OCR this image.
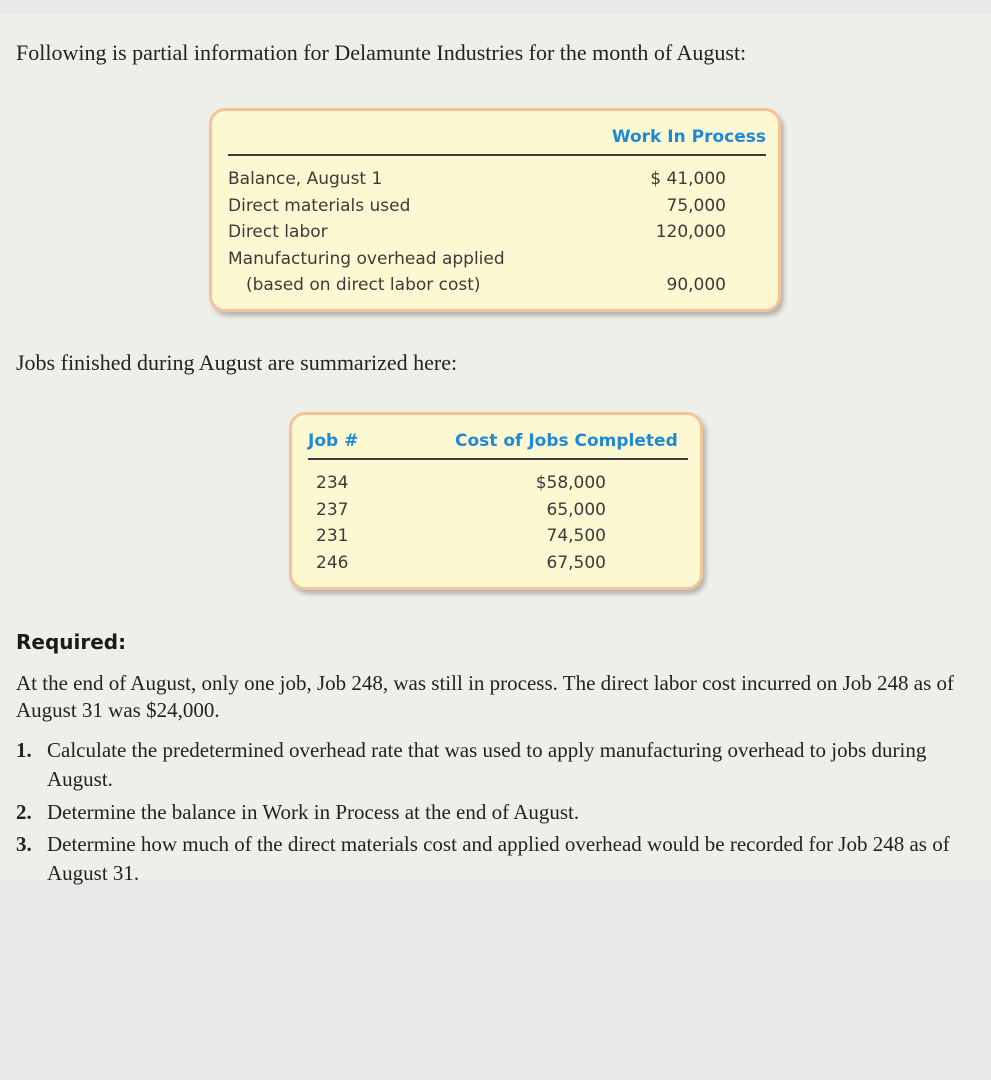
Following is partial information for Delamunte Industries for the month of August:

Work In Process
Balance, August 1	$ 41,000
Direct materials used	75,000
Direct labor	120,000
Manufacturing overhead applied
(based on direct labor cost)	90,000

Jobs finished during August are summarized here:

Job #	Cost of Jobs Completed
234	$58,000
237	65,000
231	74,500
246	67,500
Required:

At the end of August, only one job, Job 248, was still in process. The direct labor cost incurred on Job 248 as of August 31 was $24,000.

1. Calculate the predetermined overhead rate that was used to apply manufacturing overhead to jobs during August.

2. Determine the balance in Work in Process at the end of August.

3. Determine how much of the direct materials cost and applied overhead would be recorded for Job 248 as of August 31.
